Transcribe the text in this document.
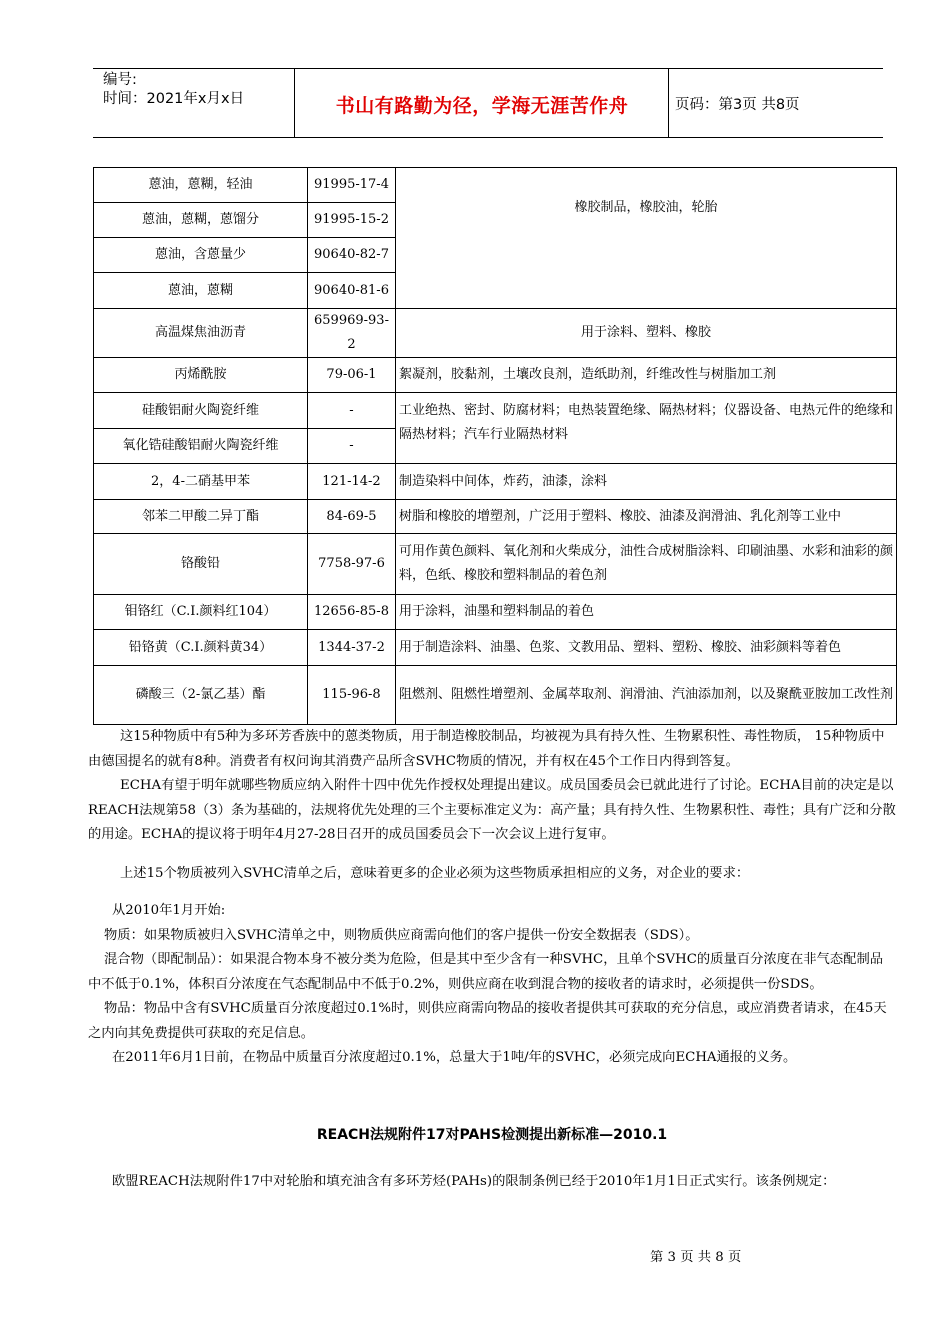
编号:
时间：2021年x月x日	书山有路勤为径，学海无涯苦作舟	页码：第3页 共8页
蒽油，蒽糊，轻油	91995-17-4	橡胶制品，橡胶油，轮胎
蒽油，蒽糊，蒽馏分	91995-15-2	
蒽油，含蒽量少	90640-82-7	
蒽油，蒽糊	90640-81-6	
高温煤焦油沥青	659969-93-2	用于涂料、塑料、橡胶
丙烯酰胺	79-06-1	絮凝剂，胶黏剂，土壤改良剂，造纸助剂，纤维改性与树脂加工剂
硅酸铝耐火陶瓷纤维	-	工业绝热、密封、防腐材料；电热装置绝缘、隔热材料；仪器设备、电热元件的绝缘和隔热材料；汽车行业隔热材料
氧化锆硅酸铝耐火陶瓷纤维	-	
2，4-二硝基甲苯	121-14-2	制造染料中间体，炸药，油漆，涂料
邻苯二甲酸二异丁酯	84-69-5	树脂和橡胶的增塑剂，广泛用于塑料、橡胶、油漆及润滑油、乳化剂等工业中
铬酸铅	7758-97-6	可用作黄色颜料、氧化剂和火柴成分，油性合成树脂涂料、印刷油墨、水彩和油彩的颜料，色纸、橡胶和塑料制品的着色剂
钼铬红（C.I.颜料红104）	12656-85-8	用于涂料，油墨和塑料制品的着色
铅铬黄（C.I.颜料黄34）	1344-37-2	用于制造涂料、油墨、色浆、文教用品、塑料、塑粉、橡胶、油彩颜料等着色
磷酸三（2-氯乙基）酯	115-96-8	阻燃剂、阻燃性增塑剂、金属萃取剂、润滑油、汽油添加剂，以及聚酰亚胺加工改性剂

这15种物质中有5种为多环芳香族中的蒽类物质，用于制造橡胶制品，均被视为具有持久性、生物累积性、毒性物质， 15种物质中由德国提名的就有8种。消费者有权问询其消费产品所含SVHC物质的情况，并有权在45个工作日内得到答复。

ECHA有望于明年就哪些物质应纳入附件十四中优先作授权处理提出建议。成员国委员会已就此进行了讨论。ECHA目前的决定是以REACH法规第58（3）条为基础的，法规将优先处理的三个主要标准定义为：高产量；具有持久性、生物累积性、毒性；具有广泛和分散的用途。ECHA的提议将于明年4月27-28日召开的成员国委员会下一次会议上进行复审。

上述15个物质被列入SVHC清单之后，意味着更多的企业必须为这些物质承担相应的义务，对企业的要求：

从2010年1月开始:

物质：如果物质被归入SVHC清单之中，则物质供应商需向他们的客户提供一份安全数据表（SDS）。

混合物（即配制品）：如果混合物本身不被分类为危险，但是其中至少含有一种SVHC，且单个SVHC的质量百分浓度在非气态配制品中不低于0.1%，体积百分浓度在气态配制品中不低于0.2%，则供应商在收到混合物的接收者的请求时，必须提供一份SDS。

物品：物品中含有SVHC质量百分浓度超过0.1%时，则供应商需向物品的接收者提供其可获取的充分信息，或应消费者请求，在45天之内向其免费提供可获取的充足信息。

在2011年6月1日前，在物品中质量百分浓度超过0.1%，总量大于1吨/年的SVHC，必须完成向ECHA通报的义务。

REACH法规附件17对PAHS检测提出新标准—2010.1

欧盟REACH法规附件17中对轮胎和填充油含有多环芳烃(PAHs)的限制条例已经于2010年1月1日正式实行。该条例规定：

第 3 页 共 8 页
